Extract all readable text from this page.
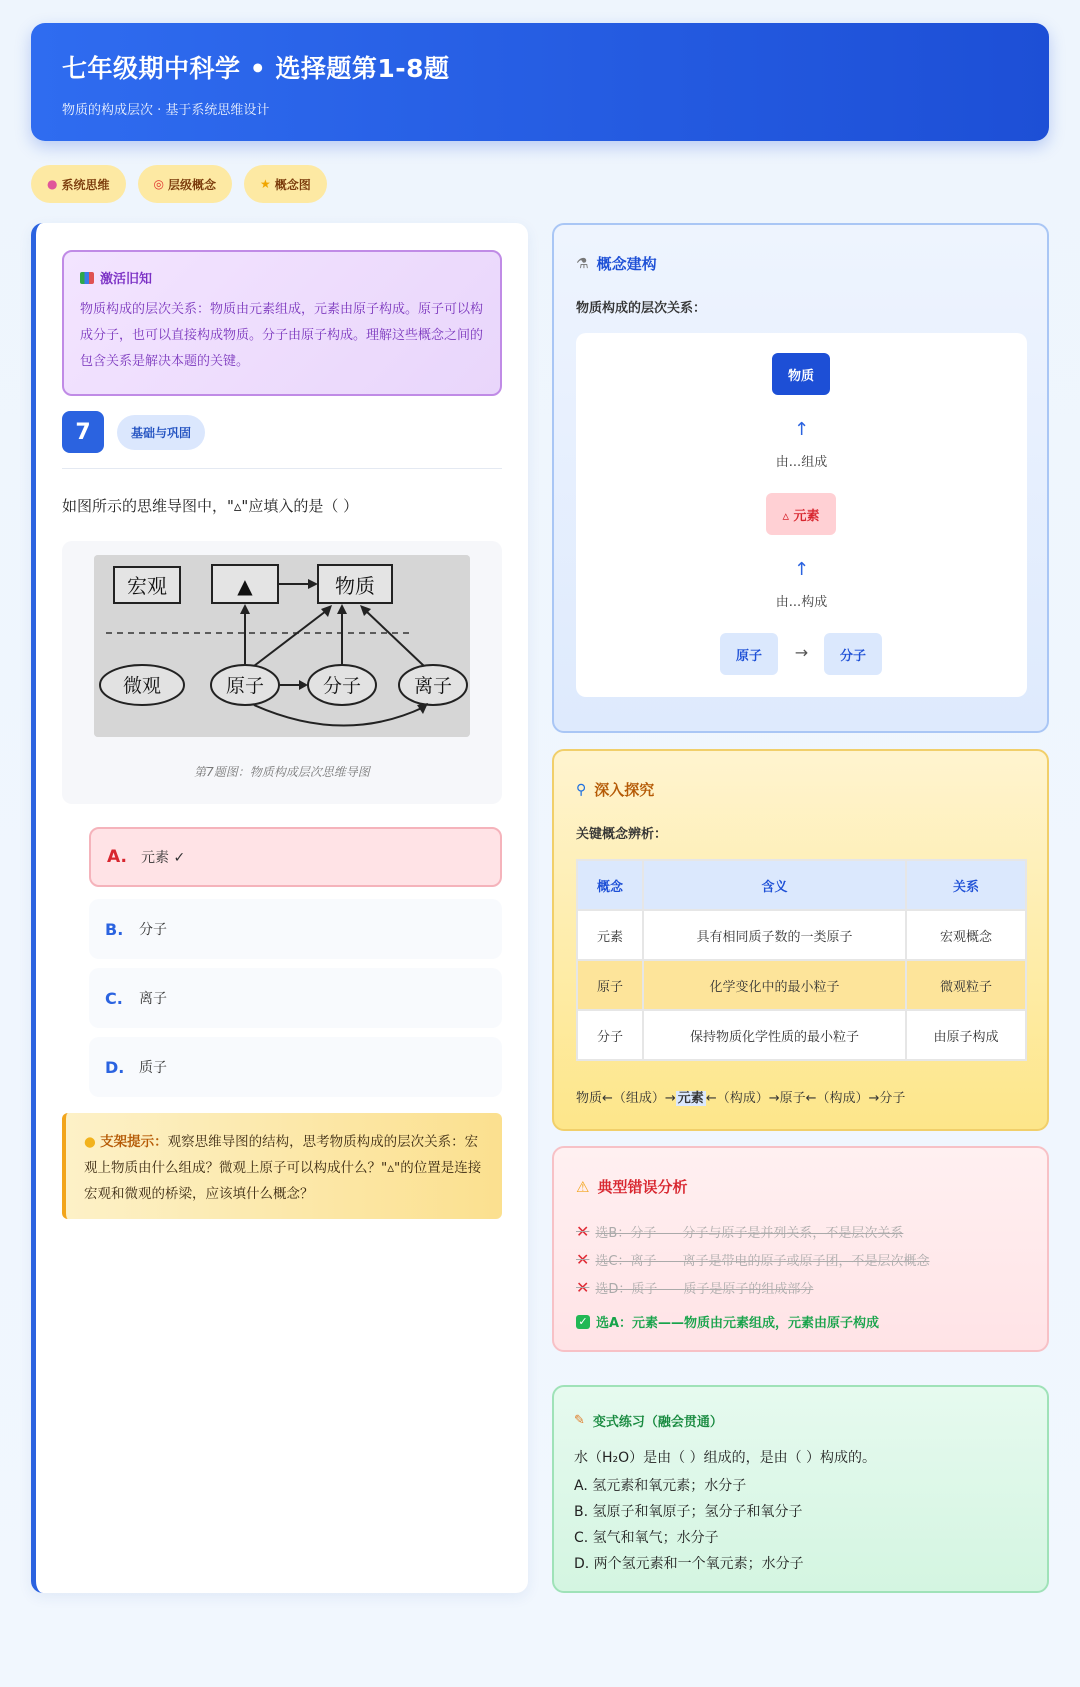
七年级期中科学 • 选择题第1-8题
物质的构成层次 · 基于系统思维设计
● 系统思维	◎ 层级概念	★ 概念图
激活旧知
物质构成的层次关系：物质由元素组成，元素由原子构成。原子可以构成分子，也可以直接构成物质。分子由原子构成。理解这些概念之间的包含关系是解决本题的关键。
7	基础与巩固
如图所示的思维导图中，"▵"应填入的是（ ）
宏观	▲	物质
微观	原子	分子	离子
第7题图：物质构成层次思维导图
A.	元素 ✓
B.	分子
C.	离子
D.	质子
● 支架提示：观察思维导图的结构，思考物质构成的层次关系：宏观上物质由什么组成？微观上原子可以构成什么？"▵"的位置是连接宏观和微观的桥梁，应该填什么概念？
⚗ 概念建构
物质构成的层次关系：
物质
↑
由...组成
▵ 元素
↑
由...构成
原子	→	分子
⚲ 深入探究
关键概念辨析：
概念	含义	关系
元素	具有相同质子数的一类原子	宏观概念
原子	化学变化中的最小粒子	微观粒子
分子	保持物质化学性质的最小粒子	由原子构成
物质←（组成）→ 元素 ←（构成）→原子←（构成）→分子
⚠ 典型错误分析
✕ 选B：分子——分子与原子是并列关系，不是层次关系
✕ 选C：离子——离子是带电的原子或原子团，不是层次概念
✕ 选D：质子——质子是原子的组成部分
✓ 选A：元素——物质由元素组成，元素由原子构成
✎ 变式练习（融会贯通）
水（H₂O）是由（ ）组成的，是由（ ）构成的。
A. 氢元素和氧元素；水分子
B. 氢原子和氧原子；氢分子和氧分子
C. 氢气和氧气；水分子
D. 两个氢元素和一个氧元素；水分子
